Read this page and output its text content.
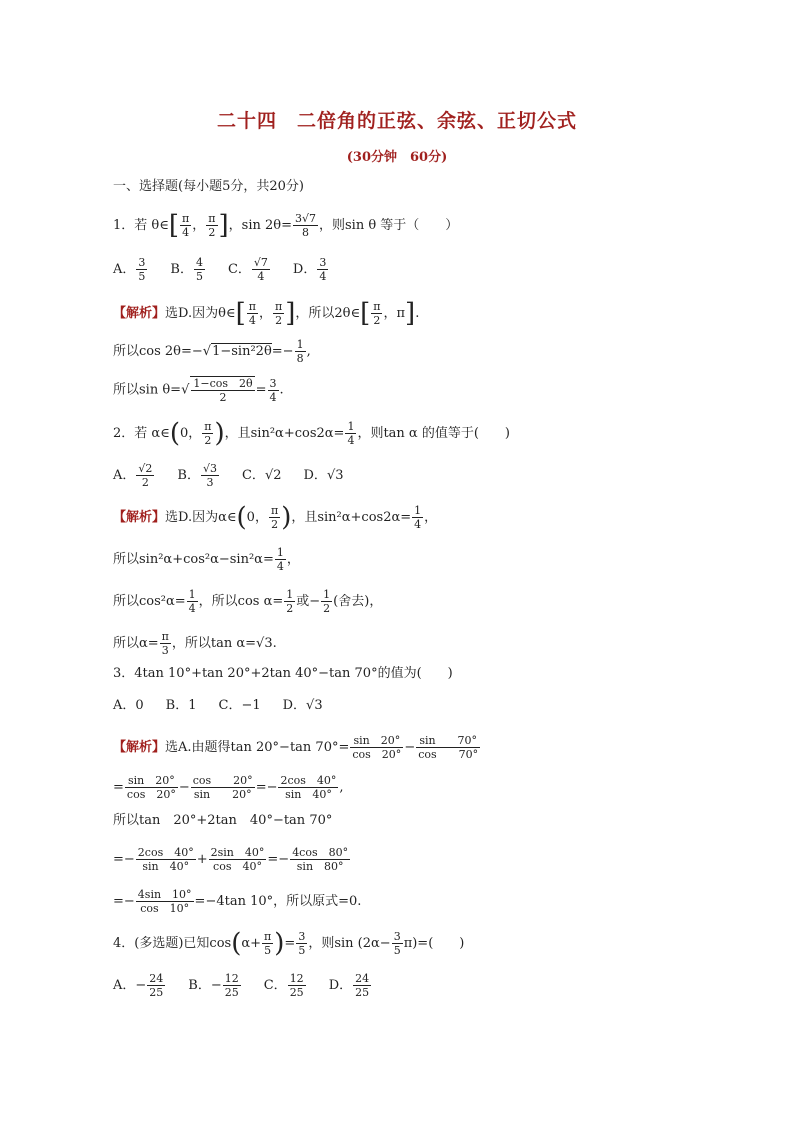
二十四　二倍角的正弦、余弦、正切公式
(30分钟　60分)
一、选择题(每小题5分，共20分)
1．若 θ∈[ $\frac{\pi}{4}$ ， $\frac{\pi}{2}$ ]，$\sin 2\theta= \frac{3√7}{8}$ ，则sin θ 等于（　　）
A． $\frac{3}{5}$ B． $\frac{4}{5}$ C． $\frac{√7}{4}$ D． $\frac{3}{4}$
【解析】选D.因为θ∈[ $\frac{\pi}{4}$ ， $\frac{\pi}{2}$ ]，所以2θ∈[ $\frac{\pi}{2}$ ，π].
所以$\cos 2\theta=-√1-\sin^22\theta=- \frac{1}{8}$ ,
所以$\sin \theta=√ \frac{1-\cos 2\theta}{2} = \frac{3}{4}$ .
2．若 α∈(0， $\frac{\pi}{2}$ )，且$\sin^2\alpha+\cos 2\alpha= \frac{1}{4}$ ，则tan α 的值等于(　　)
A． $\frac{√2}{2}$ B． $\frac{√3}{3}$ C．√2 D．√3
【解析】选D.因为α∈(0， $\frac{\pi}{2}$ )，且$\sin^2\alpha+\cos 2\alpha= \frac{1}{4}$ ，
所以$\sin^2\alpha+\cos^2\alpha-\sin^2\alpha= \frac{1}{4}$ ，
所以$\cos^2\alpha= \frac{1}{4}$ ，所以$\cos \alpha= \frac{1}{2}$ 或− $\frac{1}{2}$ (舍去)，
所以$\alpha= \frac{\pi}{3}$ ，所以tan α=√3.
3．4tan 10°+tan 20°+2tan 40°−tan 70°的值为(　　)
A．0 B．1 C．−1 D．√3
【解析】选A.由题得tan 20°−tan $70^\circ= \frac{\sin 20^\circ}{\cos 20^\circ} - \frac{\sin 70^\circ}{\cos 70^\circ}$
= $\frac{\sin 20^\circ}{\cos 20^\circ} - \frac{\cos 20^\circ}{\sin 20^\circ} =- \frac{2\cos 40^\circ}{\sin 40^\circ}$ ,
所以tan　20°+2tan　40°−tan 70°
=− $\frac{2\cos 40^\circ}{\sin 40^\circ} + \frac{2\sin 40^\circ}{\cos 40^\circ} =- \frac{4\cos 80^\circ}{\sin 80^\circ}$
=− $\frac{4\sin 10^\circ}{\cos 10^\circ} =-4\tan$ 10°，所以原式=0.
4．(多选题)已知$\cos(\alpha+ \frac{\pi}{5}$ )= $\frac{3}{5}$ ，则$\sin (2\alpha- \frac{3}{5} \pi)=$(　　)
A．− $\frac{24}{25}$ B．− $\frac{12}{25}$ C． $\frac{12}{25}$ D． $\frac{24}{25}$
